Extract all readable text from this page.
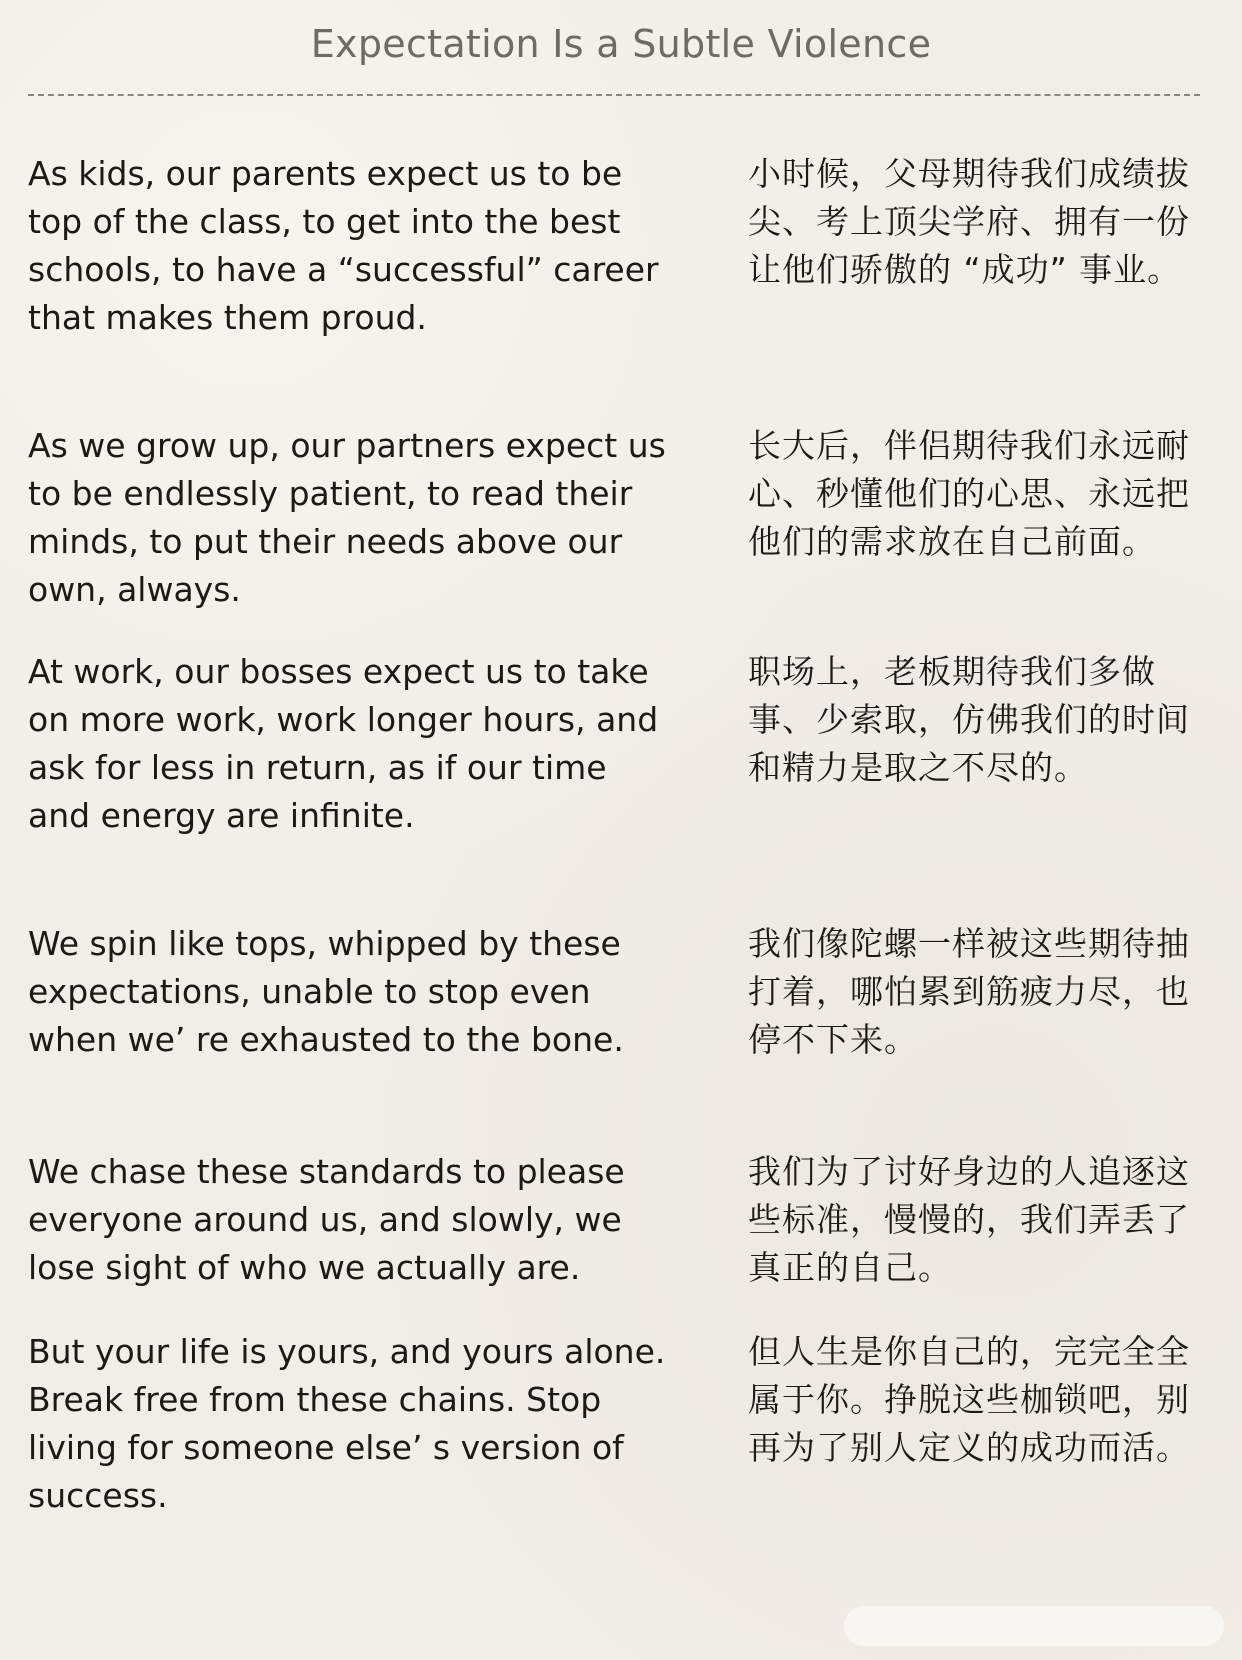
Expectation Is a Subtle Violence
As kids, our parents expect us to be top of the class, to get into the best schools, to have a “successful” career that makes them proud.
小时候，父母期待我们成绩拔尖、考上顶尖学府、拥有一份让他们骄傲的 “成功” 事业。
As we grow up, our partners expect us to be endlessly patient, to read their minds, to put their needs above our own, always.
长大后，伴侣期待我们永远耐心、秒懂他们的心思、永远把他们的需求放在自己前面。
At work, our bosses expect us to take on more work, work longer hours, and ask for less in return, as if our time and energy are infinite.
职场上，老板期待我们多做事、少索取，仿佛我们的时间和精力是取之不尽的。
We spin like tops, whipped by these expectations, unable to stop even when we’ re exhausted to the bone.
我们像陀螺一样被这些期待抽打着，哪怕累到筋疲力尽，也停不下来。
We chase these standards to please everyone around us, and slowly, we lose sight of who we actually are.
我们为了讨好身边的人追逐这些标准，慢慢的，我们弄丢了真正的自己。
But your life is yours, and yours alone. Break free from these chains. Stop living for someone else’ s version of success.
但人生是你自己的，完完全全属于你。挣脱这些枷锁吧，别再为了别人定义的成功而活。
